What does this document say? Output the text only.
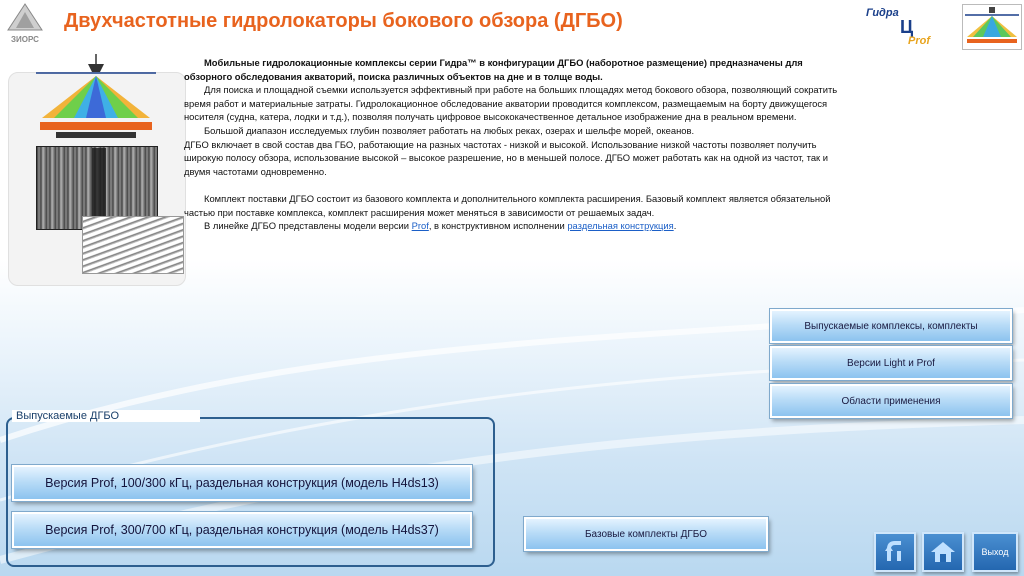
ЗИОРС
Двухчастотные гидролокаторы бокового обзора (ДГБО)	Гидра
Ц
Prof

Мобильные гидролокационные комплексы серии Гидра™ в конфигурации ДГБО (наборотное размещение) предназначены для обзорного обследования акваторий, поиска различных объектов на дне и в толще воды.

Для поиска и площадной съемки используется эффективный при работе на больших площадях метод бокового обзора, позволяющий сократить время работ и материальные затраты. Гидролокационное обследование акватории проводится комплексом, размещаемым на борту движущегося носителя (судна, катера, лодки и т.д.), позволяя получать цифровое высококачественное детальное изображение дна в реальном времени.

Большой диапазон исследуемых глубин позволяет работать на любых реках, озерах и шельфе морей, океанов.

ДГБО включает в свой состав два ГБО, работающие на разных частотах - низкой и высокой. Использование низкой частоты позволяет получить широкую полосу обзора, использование высокой – высокое разрешение, но в меньшей полосе. ДГБО может работать как на одной из частот, так и двумя частотами одновременно.

Комплект поставки ДГБО состоит из базового комплекта и дополнительного комплекта расширения. Базовый комплект является обязательной частью при поставке комплекса, комплект расширения может меняться в зависимости от решаемых задач.

В линейке ДГБО представлены модели версии Prof, в конструктивном исполнении раздельная конструкция.

Выпускаемые комплексы, комплекты
Версии Light и Prof
Области применения
Выпускаемые ДГБО
Версия Prof, 100/300 кГц, раздельная конструкция (модель H4ds13)
Версия Prof, 300/700 кГц, раздельная конструкция (модель H4ds37)	Базовые комплекты ДГБО
Выход
